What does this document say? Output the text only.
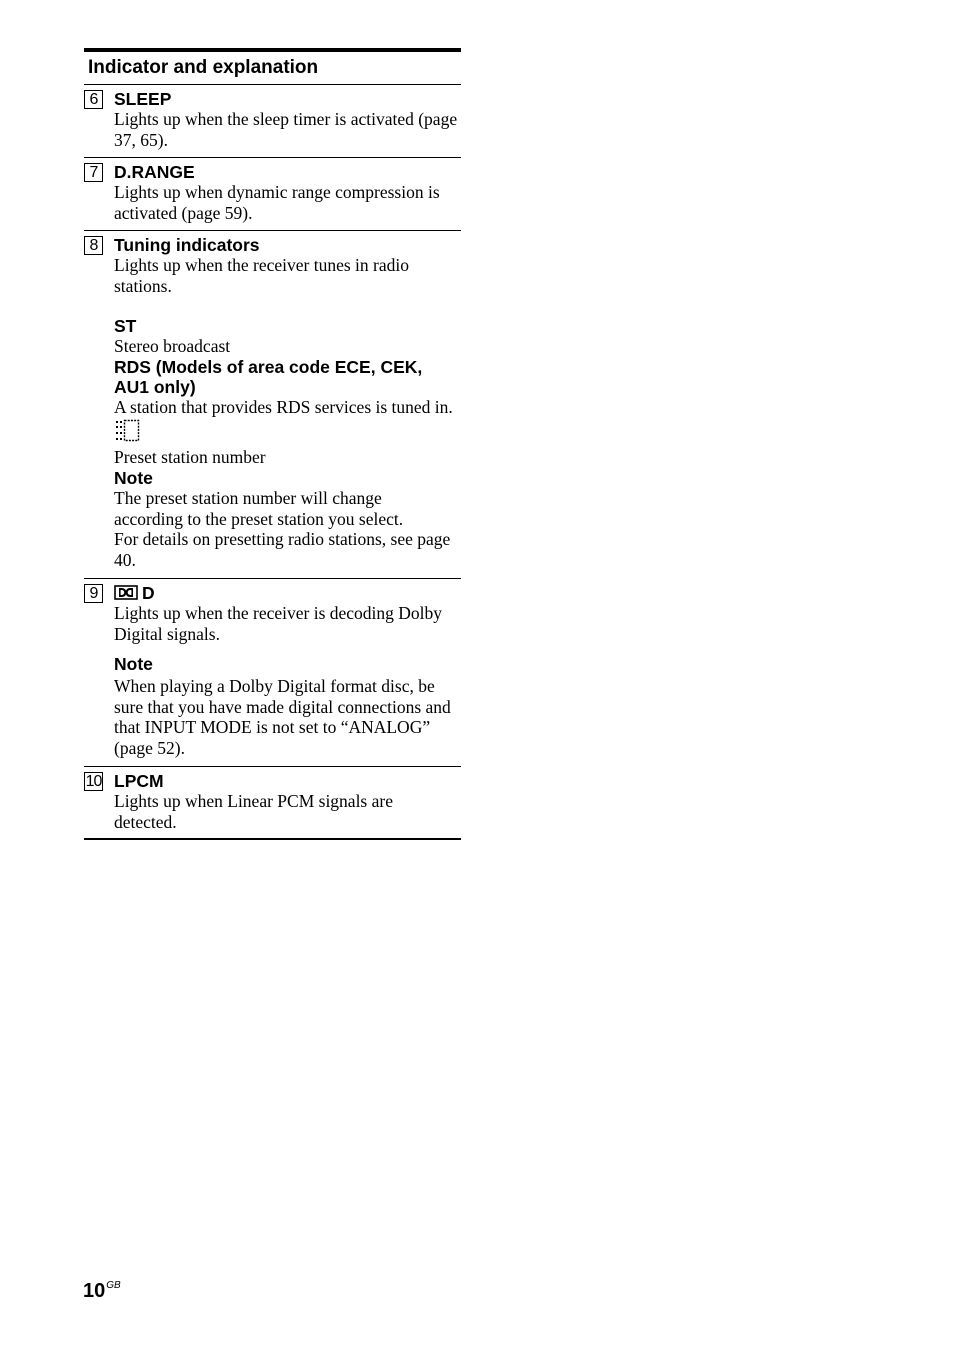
Indicator and explanation
6 SLEEP
Lights up when the sleep timer is activated (page
37, 65).
7 D.RANGE
Lights up when dynamic range compression is
activated (page 59).
8 Tuning indicators
Lights up when the receiver tunes in radio
stations.
ST
Stereo broadcast
RDS (Models of area code ECE, CEK,
AU1 only)
A station that provides RDS services is tuned in.
Preset station number
Note
The preset station number will change
according to the preset station you select.
For details on presetting radio stations, see page
40.
9	D
Lights up when the receiver is decoding Dolby
Digital signals.
Note
When playing a Dolby Digital format disc, be
sure that you have made digital connections and
that INPUT MODE is not set to “ANALOG”
(page 52).
10 LPCM
Lights up when Linear PCM signals are
detected.
$10^{GB}$
